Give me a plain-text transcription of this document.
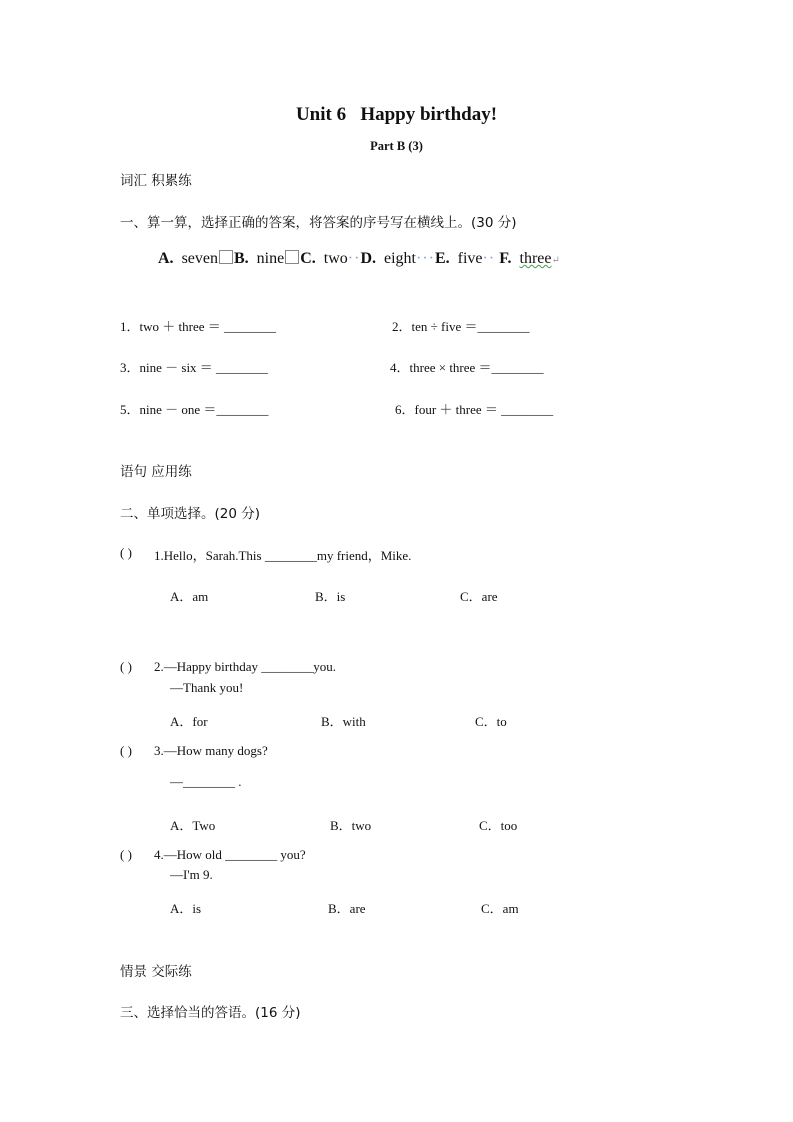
Unit 6   Happy birthday!
Part B (3)
词汇 积累练
一、算一算，选择正确的答案，将答案的序号写在横线上。(30 分)
A. seven B. nine C. two··D. eight···E. five·· F. three↵
1．two ＋ three ＝ ________	2．ten ÷ five ＝________
3．nine － six ＝ ________	4．three × three ＝________
5．nine － one ＝________	6．four ＋ three ＝ ________
语句 应用练
二、单项选择。(20 分)
( ) 1.Hello，Sarah.This ________my friend，Mike.
A．am	B．is	C．are
( ) 2.—Happy birthday ________you.
—Thank you!
A．for	B．with	C．to
( ) 3.—How many dogs?
—________ .
A．Two	B．two	C．too
( ) 4.—How old ________ you?
—I'm 9.
A．is	B．are	C．am
情景 交际练
三、选择恰当的答语。(16 分)
